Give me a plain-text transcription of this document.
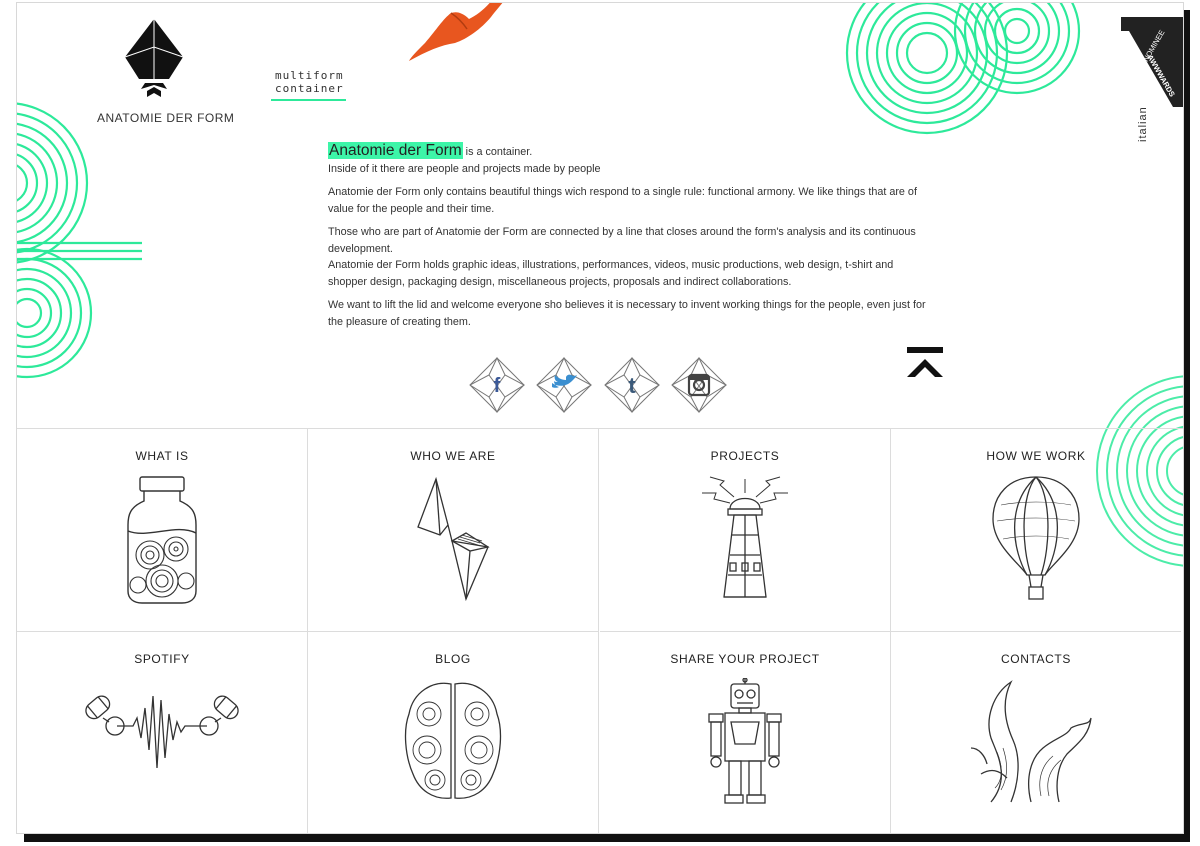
multiform container
ANATOMIE DER FORM

Anatomie der Form is a container.
Inside of it there are people and projects made by people

Anatomie der Form only contains beautiful things wich respond to a single rule: functional armony. We like things that are of value for the people and their time.

Those who are part of Anatomie der Form are connected by a line that closes around the form's analysis and its continuous development.
Anatomie der Form holds graphic ideas, illustrations, performances, videos, music productions, web design, t-shirt and shopper design, packaging design, miscellaneous projects, proposals and indirect collaborations.

We want to lift the lid and welcome everyone sho believes it is necessary to invent working things for the people, even just for the pleasure of creating them.

f	t
italian
NOMINEE
AWWWARDS
WHAT IS	WHO WE ARE	PROJECTS	HOW WE WORK
SPOTIFY	BLOG	SHARE YOUR PROJECT	CONTACTS
